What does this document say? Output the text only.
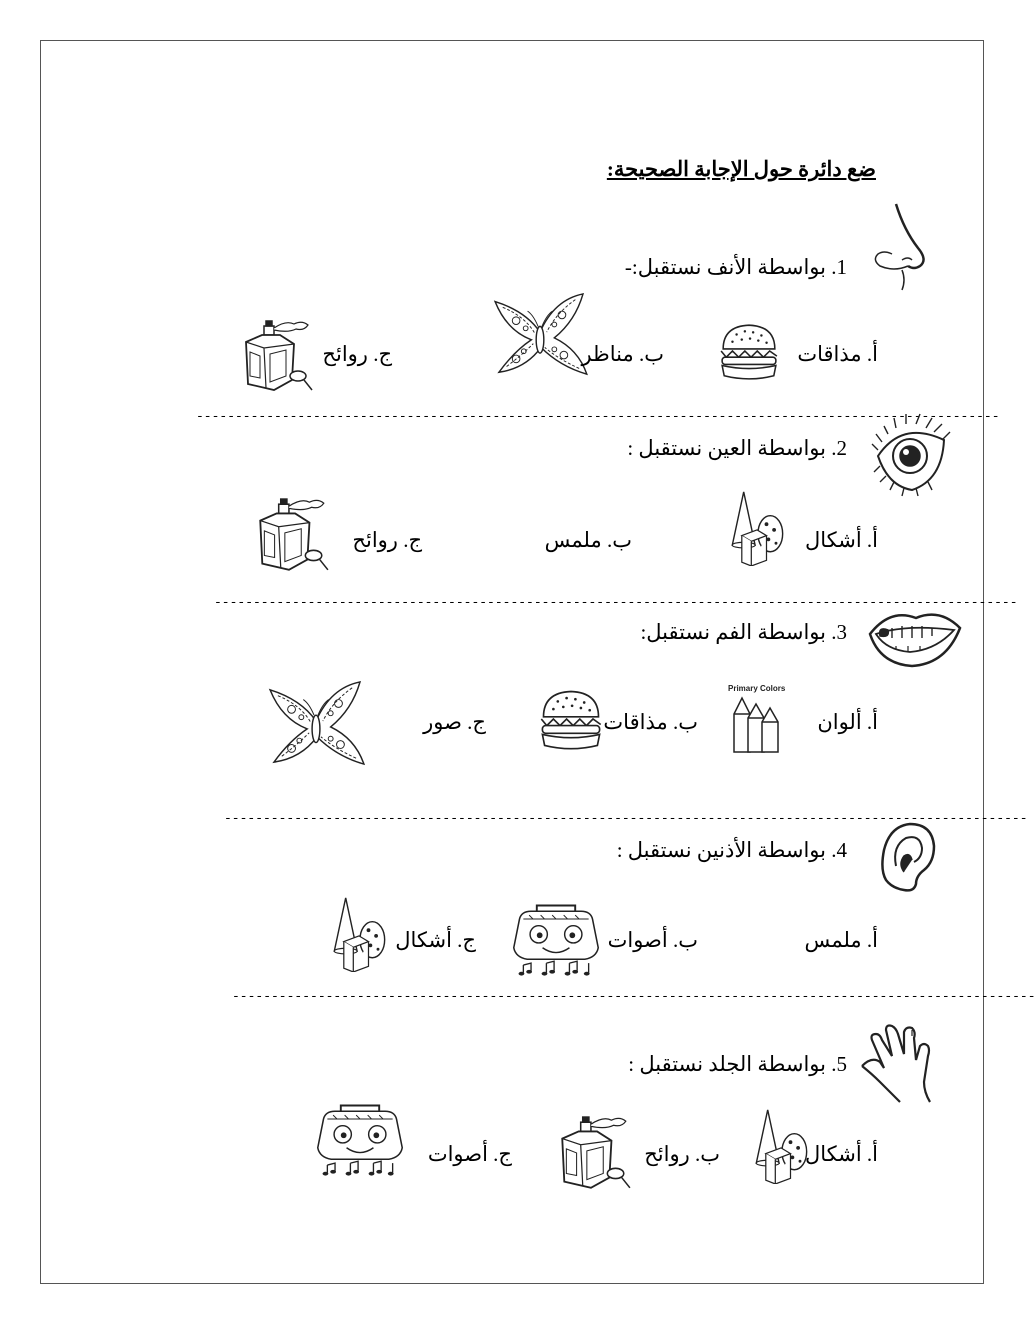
ضع دائرة حول الإجابة الصحيحة:
1. بواسطة الأنف نستقبل:-
أ. مذاقات
ب. مناظر
ج. روائح
-------------------------------------------------------------------------------------------------------
2. بواسطة العين نستقبل :
أ. أشكال
ب. ملمس
ج. روائح
-------------------------------------------------------------------------------------------------------
3. بواسطة الفم نستقبل:
أ. ألوان
Primary Colors
ب. مذاقات
ج. صور
-------------------------------------------------------------------------------------------------------
4. بواسطة الأذنين نستقبل :
أ. ملمس
ب. أصوات
ج. أشكال
-------------------------------------------------------------------------------------------------------
5. بواسطة الجلد نستقبل :
أ. أشكال
ب. روائح
ج. أصوات
